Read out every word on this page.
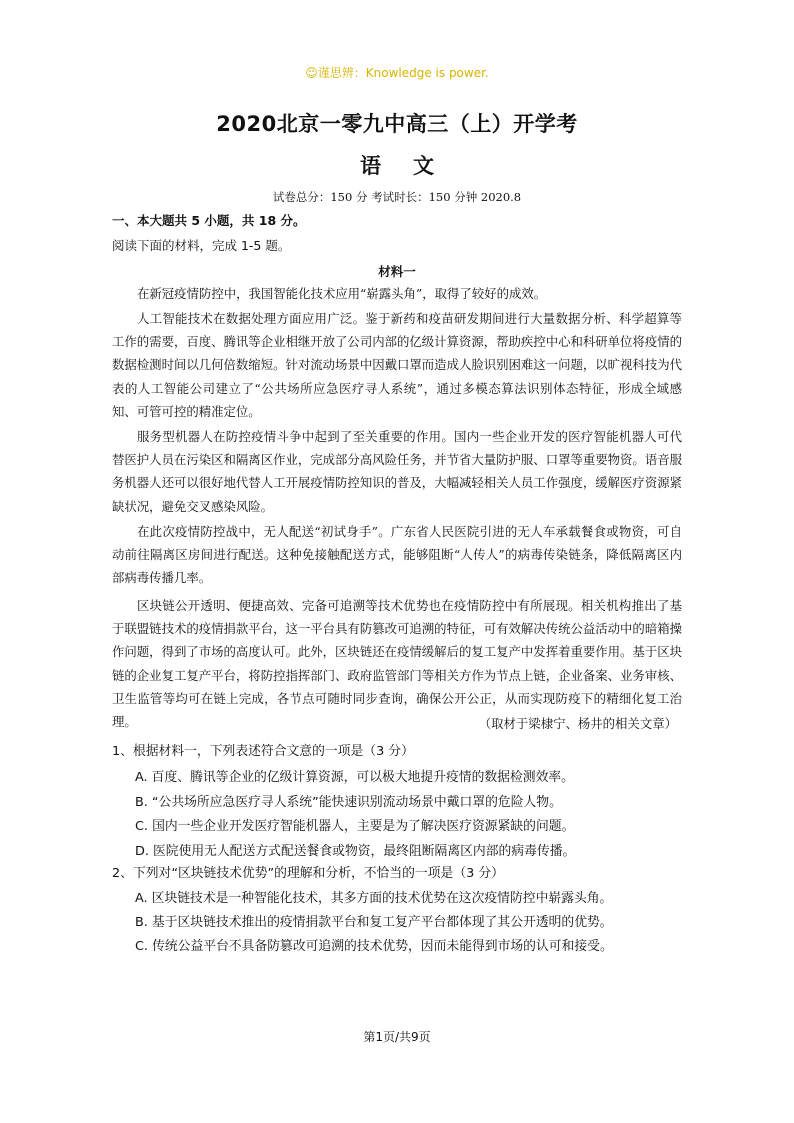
☺谨思辨：Knowledge is power.
2020北京一零九中高三（上）开学考
语文
试卷总分：150 分 考试时长：150 分钟 2020.8
一、本大题共 5 小题，共 18 分。
阅读下面的材料，完成 1-5 题。
材料一
在新冠疫情防控中，我国智能化技术应用“崭露头角”，取得了较好的成效。
人工智能技术在数据处理方面应用广泛。鉴于新药和疫苗研发期间进行大量数据分析、科学超算等工作的需要，百度、腾讯等企业相继开放了公司内部的亿级计算资源，帮助疾控中心和科研单位将疫情的数据检测时间以几何倍数缩短。针对流动场景中因戴口罩而造成人脸识别困难这一问题，以旷视科技为代表的人工智能公司建立了“公共场所应急医疗寻人系统”，通过多模态算法识别体态特征，形成全域感知、可管可控的精准定位。
服务型机器人在防控疫情斗争中起到了至关重要的作用。国内一些企业开发的医疗智能机器人可代替医护人员在污染区和隔离区作业，完成部分高风险任务，并节省大量防护服、口罩等重要物资。语音服务机器人还可以很好地代替人工开展疫情防控知识的普及，大幅减轻相关人员工作强度，缓解医疗资源紧缺状况，避免交叉感染风险。
在此次疫情防控战中，无人配送“初试身手”。广东省人民医院引进的无人车承载餐食或物资，可自动前往隔离区房间进行配送。这种免接触配送方式，能够阻断“人传人”的病毒传染链条，降低隔离区内部病毒传播几率。
区块链公开透明、便捷高效、完备可追溯等技术优势也在疫情防控中有所展现。相关机构推出了基于联盟链技术的疫情捐款平台，这一平台具有防篡改可追溯的特征，可有效解决传统公益活动中的暗箱操作问题，得到了市场的高度认可。此外，区块链还在疫情缓解后的复工复产中发挥着重要作用。基于区块链的企业复工复产平台，将防控指挥部门、政府监管部门等相关方作为节点上链，企业备案、业务审核、卫生监管等均可在链上完成，各节点可随时同步查询，确保公开公正，从而实现防疫下的精细化复工治理。	（取材于梁棣宁、杨井的相关文章）
1、根据材料一，下列表述符合文意的一项是（3 分）
A. 百度、腾讯等企业的亿级计算资源，可以极大地提升疫情的数据检测效率。
B. “公共场所应急医疗寻人系统”能快速识别流动场景中戴口罩的危险人物。
C. 国内一些企业开发医疗智能机器人，主要是为了解决医疗资源紧缺的问题。
D. 医院使用无人配送方式配送餐食或物资，最终阻断隔离区内部的病毒传播。
2、下列对“区块链技术优势”的理解和分析，不恰当的一项是（3 分）
A. 区块链技术是一种智能化技术，其多方面的技术优势在这次疫情防控中崭露头角。
B. 基于区块链技术推出的疫情捐款平台和复工复产平台都体现了其公开透明的优势。
C. 传统公益平台不具备防篡改可追溯的技术优势，因而未能得到市场的认可和接受。
第1页/共9页
